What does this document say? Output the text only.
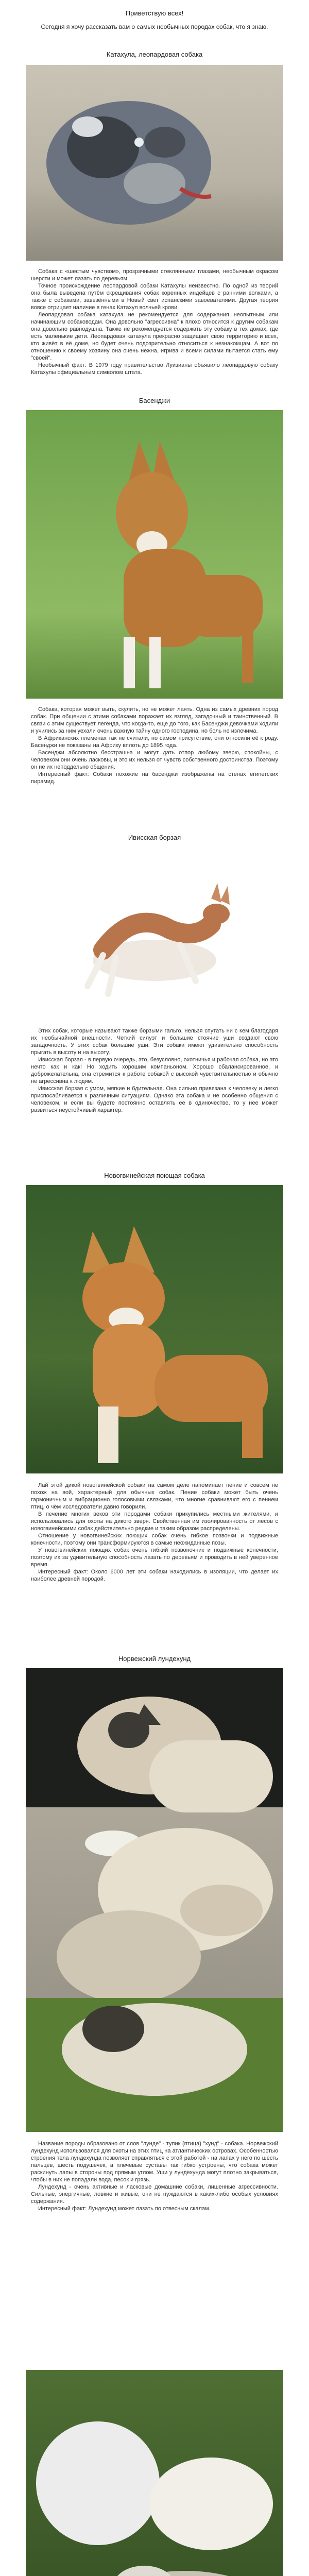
Приветствую всех!
Сегодня я хочу рассказать вам о самых необычных породах собак, что я знаю.
Катахула, леопардовая собака

Собака с «шестым чувством», прозрачными стеклянными глазами, необычным окрасом шерсти и может лазать по деревьям.

Точное происхождение леопардовой собаки Катахулы неизвестно. По одной из теорий она была выведена путём скрещивания собак коренных индейцев с ранними волками, а также с собаками, завезёнными в Новый свет испанскими завоевателями. Другая теория вовсе отрицает наличие в генах Катахул волчьей крови.

Леопардовая собака катахула не рекомендуется для содержания неопытным или начинающим собаководам. Она довольно "агрессивна" к плохо относится к другим собакам она довольно равнодушна. Также не рекомендуется содержать эту собаку в тех домах, где есть маленькие дети. Леопардовая катахула прекрасно защищает свою территорию и всех, кто живёт в её доме, но будет очень подозрительно относиться к незнакомцам. А вот по отношению к своему хозяину она очень нежна, игрива и всеми силами пытается стать ему "своей".

Необычный факт: В 1979 году правительство Луизианы объявило леопардовую собаку Катахулы официальным символом штата.

Басенджи

Собака, которая может выть, скулить, но не может лаять. Одна из самых древних пород собак. При общении с этими собаками поражает их взгляд, загадочный и таинственный. В связи с этим существует легенда, что когда-то, еще до того, как Басенджи девочками ходили и учились за ним уехали очень важную тайну одного господина, но боль не излечима.

В Африканских племенах так не считали, но самом присутствие, они относили её к роду. Басенджи не показаны на Африку вплоть до 1895 года.

Басенджи абсолютно бесстрашна и могут дать отпор любому зверю, спокойны, с человеком они очень ласковы, и это их нельзя от чувств собственного достоинства. Поэтому он не их неподдельно общения.

Интересный факт: Собаки похожие на басенджи изображены на стенах египетских пирамид.

Ивисская борзая

Этих собак, которые называют также борзыми гальго, нельзя спутать ни с кем благодаря их необычайной внешности. Четкий силуэт и большие стоячие уши создают свою загадочность. У этих собак большие уши. Эти собаки имеют удивительно способность прыгать в высоту и на высоту.

Ивисская борзая - в первую очередь, это, безусловно, охотничья и рабочая собака, но это нечто как и как! Но ходить хорошим компаньоном. Хорошо сбалансированное, и доброжелательна, она стремится к работе собакой с высокой чувствительностью и обычно не агрессивна к людям.

Ивисская борзая с умом, мягкие и бдительная. Она сильно привязана к человеку и легко приспосабливается к различным ситуациям. Однако эта собака и не особенно общения с человеком, и если вы будете постоянно оставлять ее в одиночестве, то у нее может развиться неустойчивый характер.

Новогвинейская поющая собака

Лай этой дикой новогвинейской собаки на самом деле напоминает пение и совсем не похож на вой, характерный для обычных собак. Пение собаки может быть очень гармоничным и вибрационно голосовыми связками, что многие сравнивают его с пением птиц, о чём исследователи давно говорили.

В печение многих веков эти породами собаки прикупились местными жителями, и использовались для охоты на дикого зверя. Свойственная им изолированность от лесов с новогвинейскими собак действительно редкие и таким образом распределены.

Отношение у новогвинейских поющих собак очень гибкое позвонки и подвижные конечности, поэтому они трансформируются в самые неожиданные позы.

У новогвинейских поющих собак очень гибкий позвоночник и подвижные конечности, поэтому их за удивительную способность лазать по деревьям и проводить в ней уверенное время.

Интересный факт: Около 6000 лет эти собаки находились в изоляции, что делает их наиболее древней породой.

Норвежский лундехунд

Название породы образовано от слов "лунде" - тупик (птица) "хунд" - собака. Норвежский лундехунд использовался для охоты на этих птиц на атлантических островах. Особенностью строения тела лундехунда позволяет справляться с этой работой - на лапах у него по шесть пальцев, шесть подушечек, а плечевые суставы так гибко устроены, что собака может раскинуть лапы в стороны под прямым углом. Уши у лундехунда могут плотно закрываться, чтобы в них не попадали вода, песок и грязь.

Лундехунд - очень активные и ласковые домашние собаки, лишенные агрессивности. Сильные, энергичные, ловкие и живые, они не нуждаются в каких-либо особых условиях содержания.

Интересный факт: Лундехунд может лазать по отвесным скалам.
